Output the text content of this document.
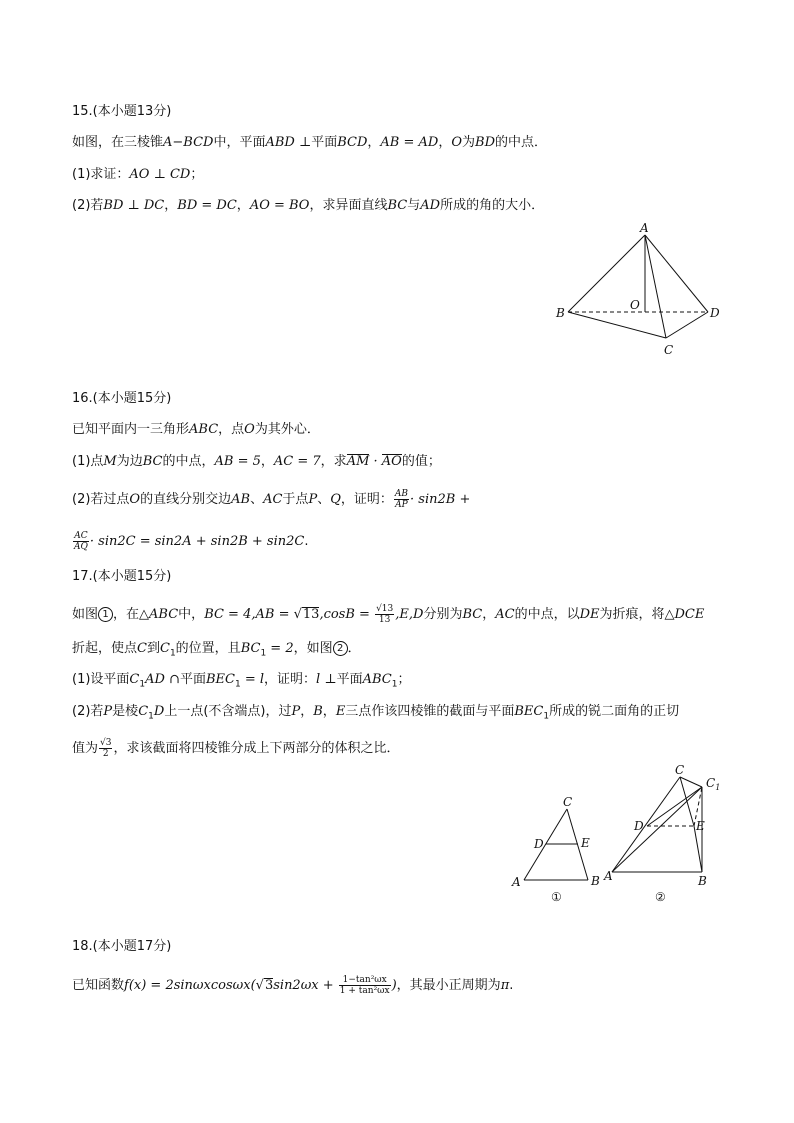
15.(本小题13分)
如图，在三棱锥A−BCD中，平面ABD ⊥平面BCD，AB = AD，O为BD的中点．
(1)求证：AO ⊥ CD；
(2)若BD ⊥ DC，BD = DC，AO = BO，求异面直线BC与AD所成的角的大小．
A
B
C
D
O
16.(本小题15分)
已知平面内一三角形ABC，点O为其外心．
(1)点M为边BC的中点，AB = 5，AC = 7，求AM · AO的值；
(2)若过点O的直线分别交边AB、AC于点P、Q，证明： $\frac{AB}{AP} \cdot \sin 2B$ +
$\frac{AC}{AQ} \cdot \sin 2C = \sin 2A + \sin 2B + \sin 2C$.
17.(本小题15分)
如图 1 ，在△ABC中，BC = $4,AB = √13,\cos B = \frac{√13}{13} ,E,D$分别为BC，AC的中点，以DE为折痕，将△DCE
折起，使点C到$C_1$的位置，且$BC_1 = 2$，如图 2 ．
(1)设平面$C_1AD$ ∩平面$BEC_1 = l$，证明：l ⊥平面$ABC_1$；
(2)若P是棱$C_1D$上一点(不含端点)，过P，B，E三点作该四棱锥的截面与平面$BEC_1$所成的锐二面角的正切
值为 $\frac{√3}{2}$ ，求该截面将四棱锥分成上下两部分的体积之比．
C
D	E
A	B
①
C
$C_1$
D	E
A	B
②
18.(本小题17分)
已知函数$f(x) = 2\sin\omega xcos\omega x(√3\sin 2\omega x + \frac{\text{1−tan²ωx}}{\text{1 + tan²ωx}}$ )，其最小正周期为π.
